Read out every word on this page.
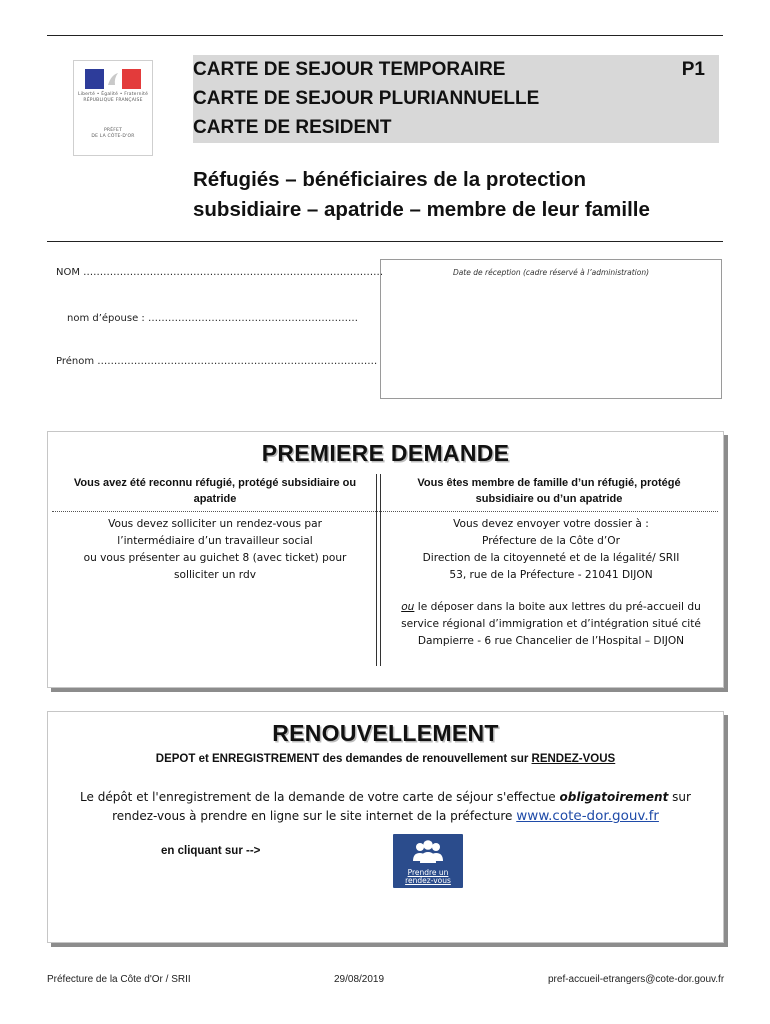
Liberté • Égalité • Fraternité
RÉPUBLIQUE FRANÇAISE
PRÉFET
DE LA CÔTE-D'OR
CARTE DE SEJOUR TEMPORAIRE
CARTE DE SEJOUR PLURIANNUELLE
CARTE DE RESIDENT
P1
Réfugiés – bénéficiaires de la protection
subsidiaire – apatride – membre de leur famille
NOM ………………………………………………………………………………
nom d’épouse : ………………………………………………………
Prénom …………………………………………………………………………
Date de réception (cadre réservé à l’administration)
PREMIERE DEMANDE
Vous avez été reconnu réfugié, protégé subsidiaire ou
apatride
Vous êtes membre de famille d’un réfugié, protégé
subsidiaire ou d’un apatride
Vous devez solliciter un rendez-vous par
l’intermédiaire d’un travailleur social
ou vous présenter au guichet 8 (avec ticket) pour
solliciter un rdv
Vous devez envoyer votre dossier à :
Préfecture de la Côte d’Or
Direction de la citoyenneté et de la légalité/ SRII
53, rue de la Préfecture - 21041 DIJON
ou le déposer dans la boite aux lettres du pré-accueil du
service régional d’immigration et d’intégration situé cité
Dampierre - 6 rue Chancelier de l’Hospital – DIJON
RENOUVELLEMENT
DEPOT et ENREGISTREMENT des demandes de renouvellement sur RENDEZ-VOUS
Le dépôt et l'enregistrement de la demande de votre carte de séjour s'effectue obligatoirement sur
rendez-vous à prendre en ligne sur le site internet de la préfecture www.cote-dor.gouv.fr
en cliquant sur -->
Prendre un
rendez-vous
Préfecture de la Côte d'Or / SRII	29/08/2019	pref-accueil-etrangers@cote-dor.gouv.fr
